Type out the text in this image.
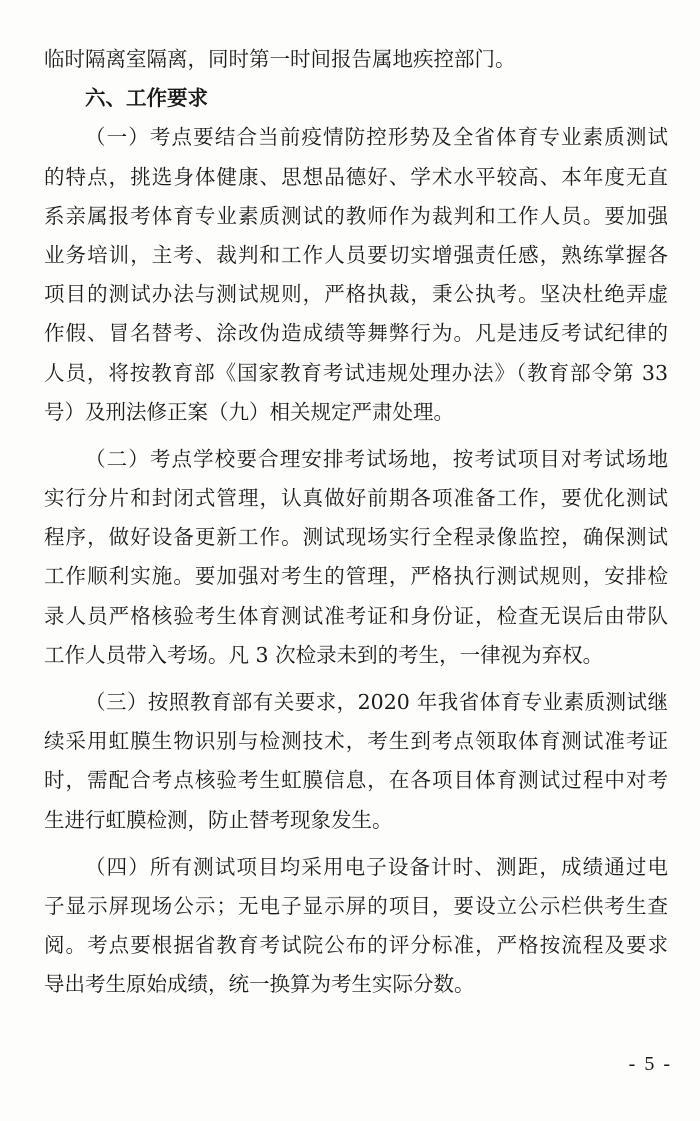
临时隔离室隔离，同时第一时间报告属地疾控部门。
六、工作要求
（一）考点要结合当前疫情防控形势及全省体育专业素质测试
的特点，挑选身体健康、思想品德好、学术水平较高、本年度无直
系亲属报考体育专业素质测试的教师作为裁判和工作人员。要加强
业务培训，主考、裁判和工作人员要切实增强责任感，熟练掌握各
项目的测试办法与测试规则，严格执裁，秉公执考。坚决杜绝弄虚
作假、冒名替考、涂改伪造成绩等舞弊行为。凡是违反考试纪律的
人员，将按教育部《国家教育考试违规处理办法》（教育部令第 33
号）及刑法修正案（九）相关规定严肃处理。
（二）考点学校要合理安排考试场地，按考试项目对考试场地
实行分片和封闭式管理，认真做好前期各项准备工作，要优化测试
程序，做好设备更新工作。测试现场实行全程录像监控，确保测试
工作顺利实施。要加强对考生的管理，严格执行测试规则，安排检
录人员严格核验考生体育测试准考证和身份证，检查无误后由带队
工作人员带入考场。凡 3 次检录未到的考生，一律视为弃权。
（三）按照教育部有关要求，2020 年我省体育专业素质测试继
续采用虹膜生物识别与检测技术，考生到考点领取体育测试准考证
时，需配合考点核验考生虹膜信息，在各项目体育测试过程中对考
生进行虹膜检测，防止替考现象发生。
（四）所有测试项目均采用电子设备计时、测距，成绩通过电
子显示屏现场公示；无电子显示屏的项目，要设立公示栏供考生查
阅。考点要根据省教育考试院公布的评分标准，严格按流程及要求
导出考生原始成绩，统一换算为考生实际分数。
- 5 -
